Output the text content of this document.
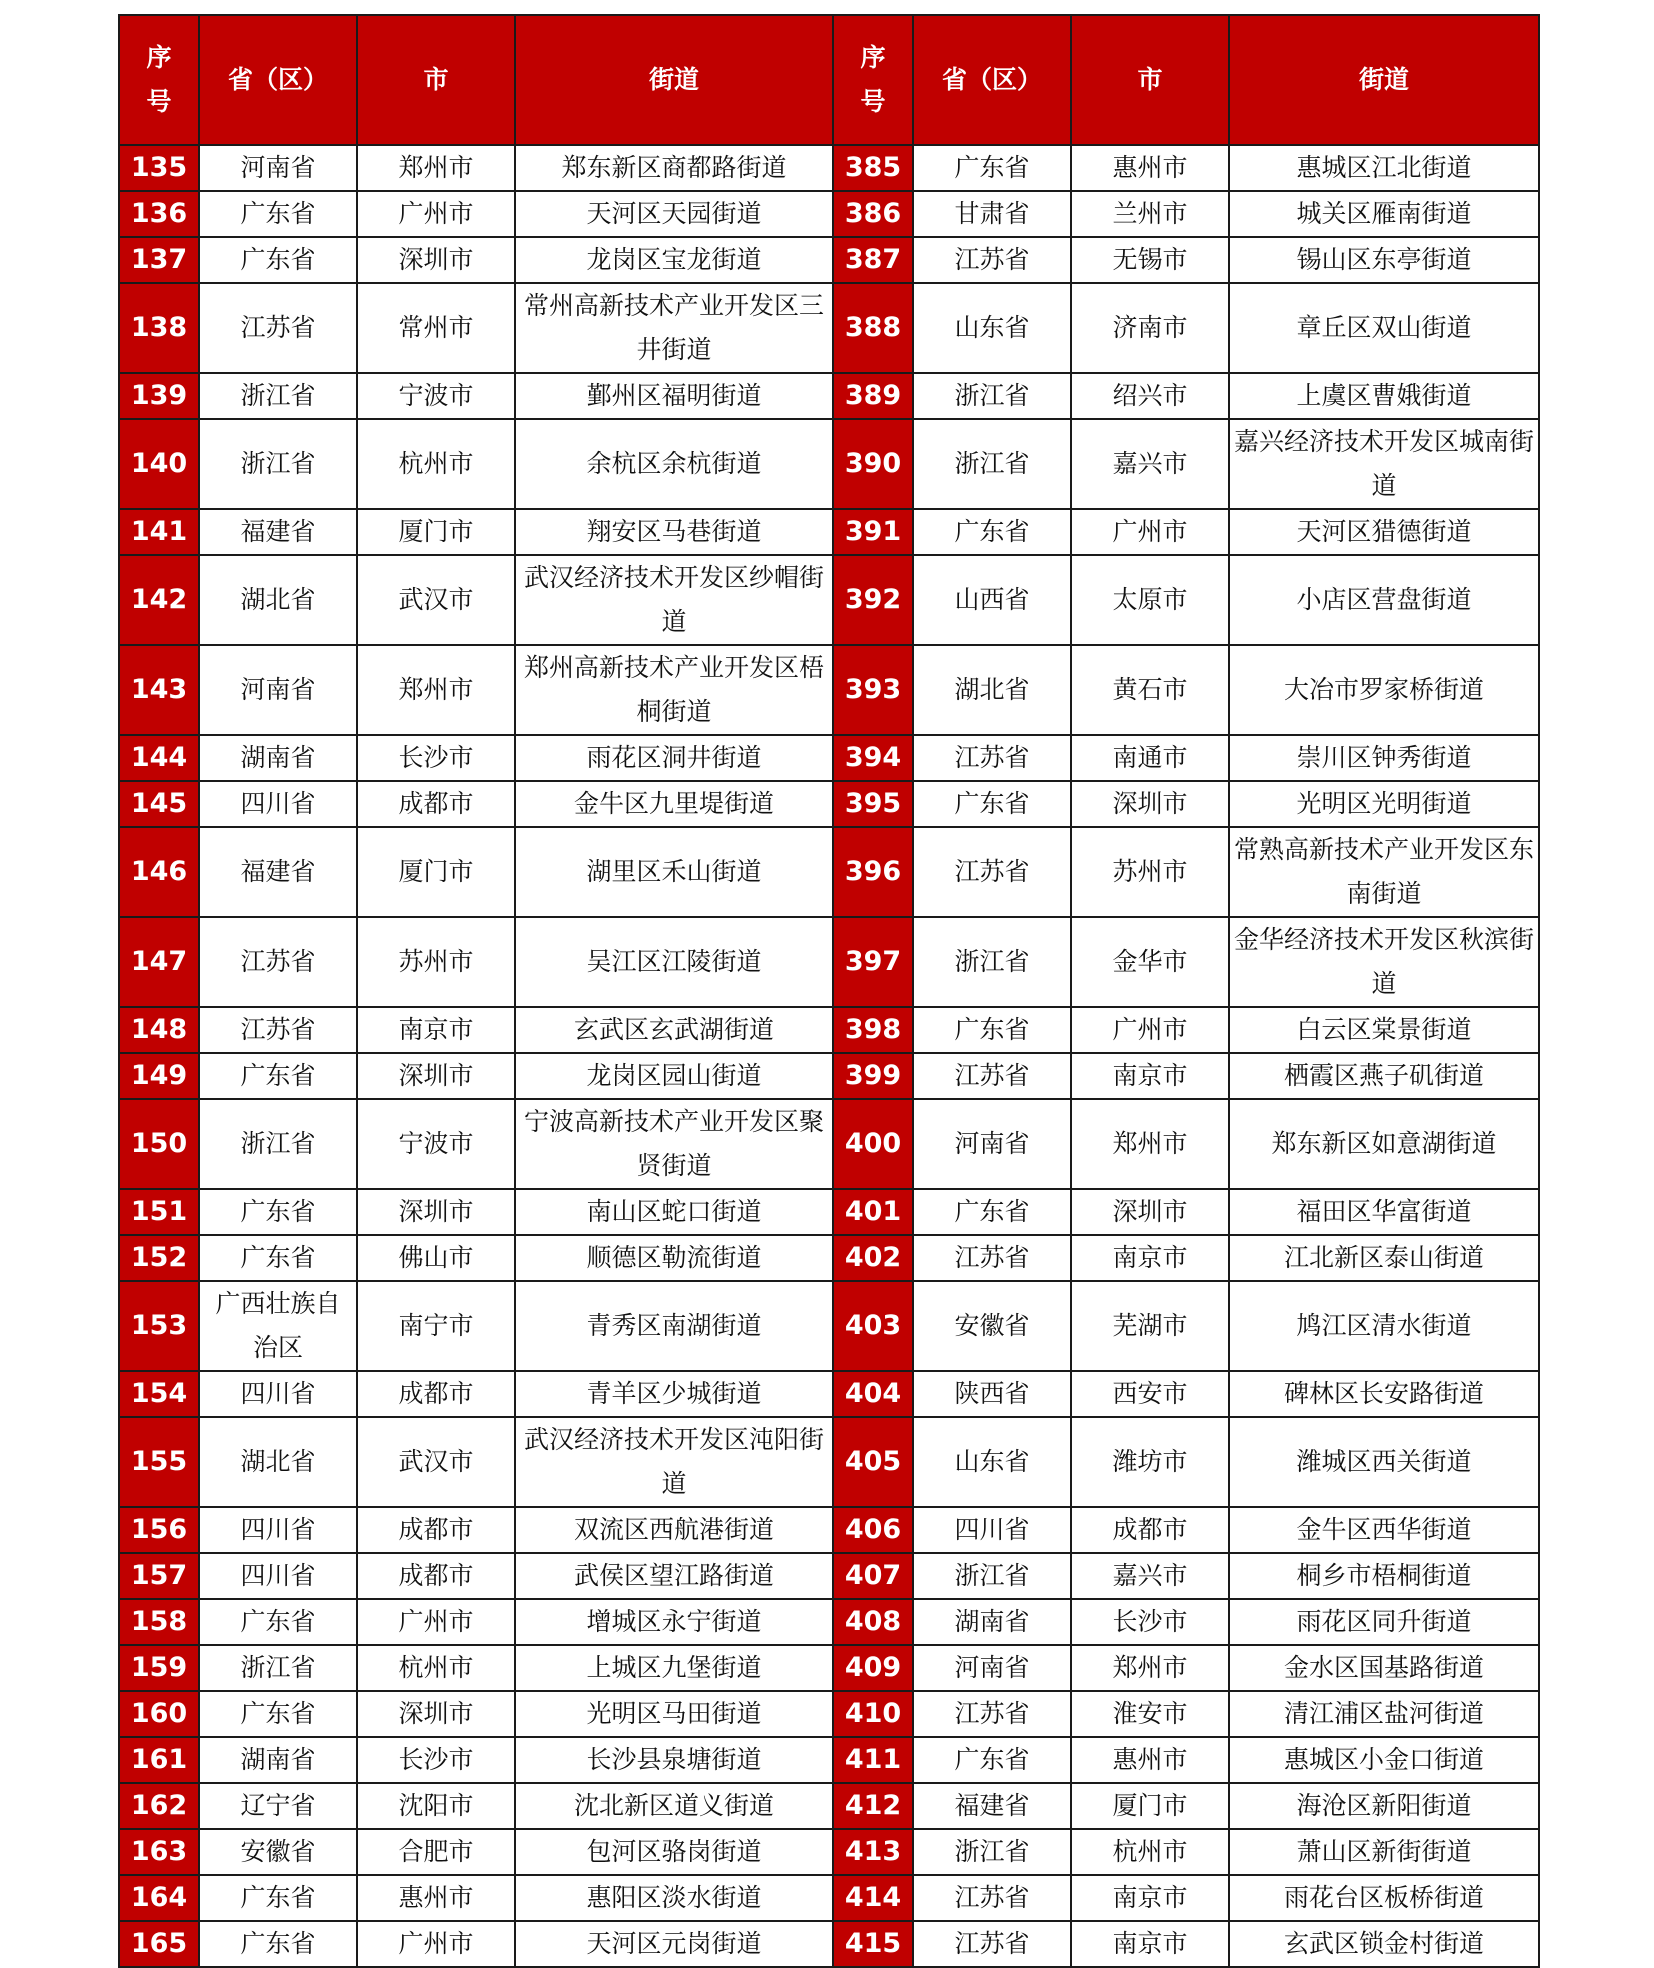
序号	省（区）	市	街道	序号	省（区）	市	街道
135	河南省	郑州市	郑东新区商都路街道	385	广东省	惠州市	惠城区江北街道
136	广东省	广州市	天河区天园街道	386	甘肃省	兰州市	城关区雁南街道
137	广东省	深圳市	龙岗区宝龙街道	387	江苏省	无锡市	锡山区东亭街道
138	江苏省	常州市	常州高新技术产业开发区三井街道	388	山东省	济南市	章丘区双山街道
139	浙江省	宁波市	鄞州区福明街道	389	浙江省	绍兴市	上虞区曹娥街道
140	浙江省	杭州市	余杭区余杭街道	390	浙江省	嘉兴市	嘉兴经济技术开发区城南街道
141	福建省	厦门市	翔安区马巷街道	391	广东省	广州市	天河区猎德街道
142	湖北省	武汉市	武汉经济技术开发区纱帽街道	392	山西省	太原市	小店区营盘街道
143	河南省	郑州市	郑州高新技术产业开发区梧桐街道	393	湖北省	黄石市	大冶市罗家桥街道
144	湖南省	长沙市	雨花区洞井街道	394	江苏省	南通市	崇川区钟秀街道
145	四川省	成都市	金牛区九里堤街道	395	广东省	深圳市	光明区光明街道
146	福建省	厦门市	湖里区禾山街道	396	江苏省	苏州市	常熟高新技术产业开发区东南街道
147	江苏省	苏州市	吴江区江陵街道	397	浙江省	金华市	金华经济技术开发区秋滨街道
148	江苏省	南京市	玄武区玄武湖街道	398	广东省	广州市	白云区棠景街道
149	广东省	深圳市	龙岗区园山街道	399	江苏省	南京市	栖霞区燕子矶街道
150	浙江省	宁波市	宁波高新技术产业开发区聚贤街道	400	河南省	郑州市	郑东新区如意湖街道
151	广东省	深圳市	南山区蛇口街道	401	广东省	深圳市	福田区华富街道
152	广东省	佛山市	顺德区勒流街道	402	江苏省	南京市	江北新区泰山街道
153	广西壮族自治区	南宁市	青秀区南湖街道	403	安徽省	芜湖市	鸠江区清水街道
154	四川省	成都市	青羊区少城街道	404	陕西省	西安市	碑林区长安路街道
155	湖北省	武汉市	武汉经济技术开发区沌阳街道	405	山东省	潍坊市	潍城区西关街道
156	四川省	成都市	双流区西航港街道	406	四川省	成都市	金牛区西华街道
157	四川省	成都市	武侯区望江路街道	407	浙江省	嘉兴市	桐乡市梧桐街道
158	广东省	广州市	增城区永宁街道	408	湖南省	长沙市	雨花区同升街道
159	浙江省	杭州市	上城区九堡街道	409	河南省	郑州市	金水区国基路街道
160	广东省	深圳市	光明区马田街道	410	江苏省	淮安市	清江浦区盐河街道
161	湖南省	长沙市	长沙县泉塘街道	411	广东省	惠州市	惠城区小金口街道
162	辽宁省	沈阳市	沈北新区道义街道	412	福建省	厦门市	海沧区新阳街道
163	安徽省	合肥市	包河区骆岗街道	413	浙江省	杭州市	萧山区新街街道
164	广东省	惠州市	惠阳区淡水街道	414	江苏省	南京市	雨花台区板桥街道
165	广东省	广州市	天河区元岗街道	415	江苏省	南京市	玄武区锁金村街道
